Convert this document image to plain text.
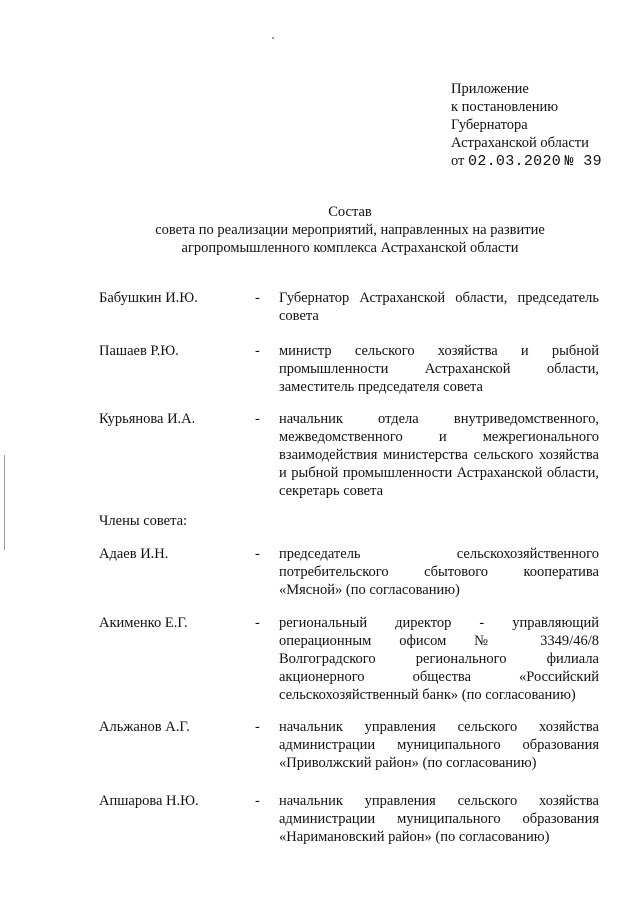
Приложение
к постановлению
Губернатора
Астраханской области
от 02.03.2020 № 39
Состав
совета по реализации мероприятий, направленных на развитие
агропромышленного комплекса Астраханской области
Бабушкин И.Ю.	-	Губернатор Астраханской области, председатель совета
Пашаев Р.Ю.	-	министр сельского хозяйства и рыбной промышленности Астраханской области, заместитель председателя совета
Курьянова И.А.	-	начальник отдела внутриведомственного, межведомственного и межрегионального взаимодействия министерства сельского хозяйства и рыбной промышленности Астраханской области, секретарь совета
Члены совета:
Адаев И.Н.	-	председатель сельскохозяйственного потребительского сбытового кооператива «Мясной» (по согласованию)
Акименко Е.Г.	-	региональный директор - управляющий операционным офисом № 3349/46/8 Волгоградского регионального филиала акционерного общества «Российский сельскохозяйственный банк» (по согласованию)
Альжанов А.Г.	-	начальник управления сельского хозяйства администрации муниципального образования «Приволжский район» (по согласованию)
Апшарова Н.Ю.	-	начальник управления сельского хозяйства администрации муниципального образования «Наримановский район» (по согласованию)
